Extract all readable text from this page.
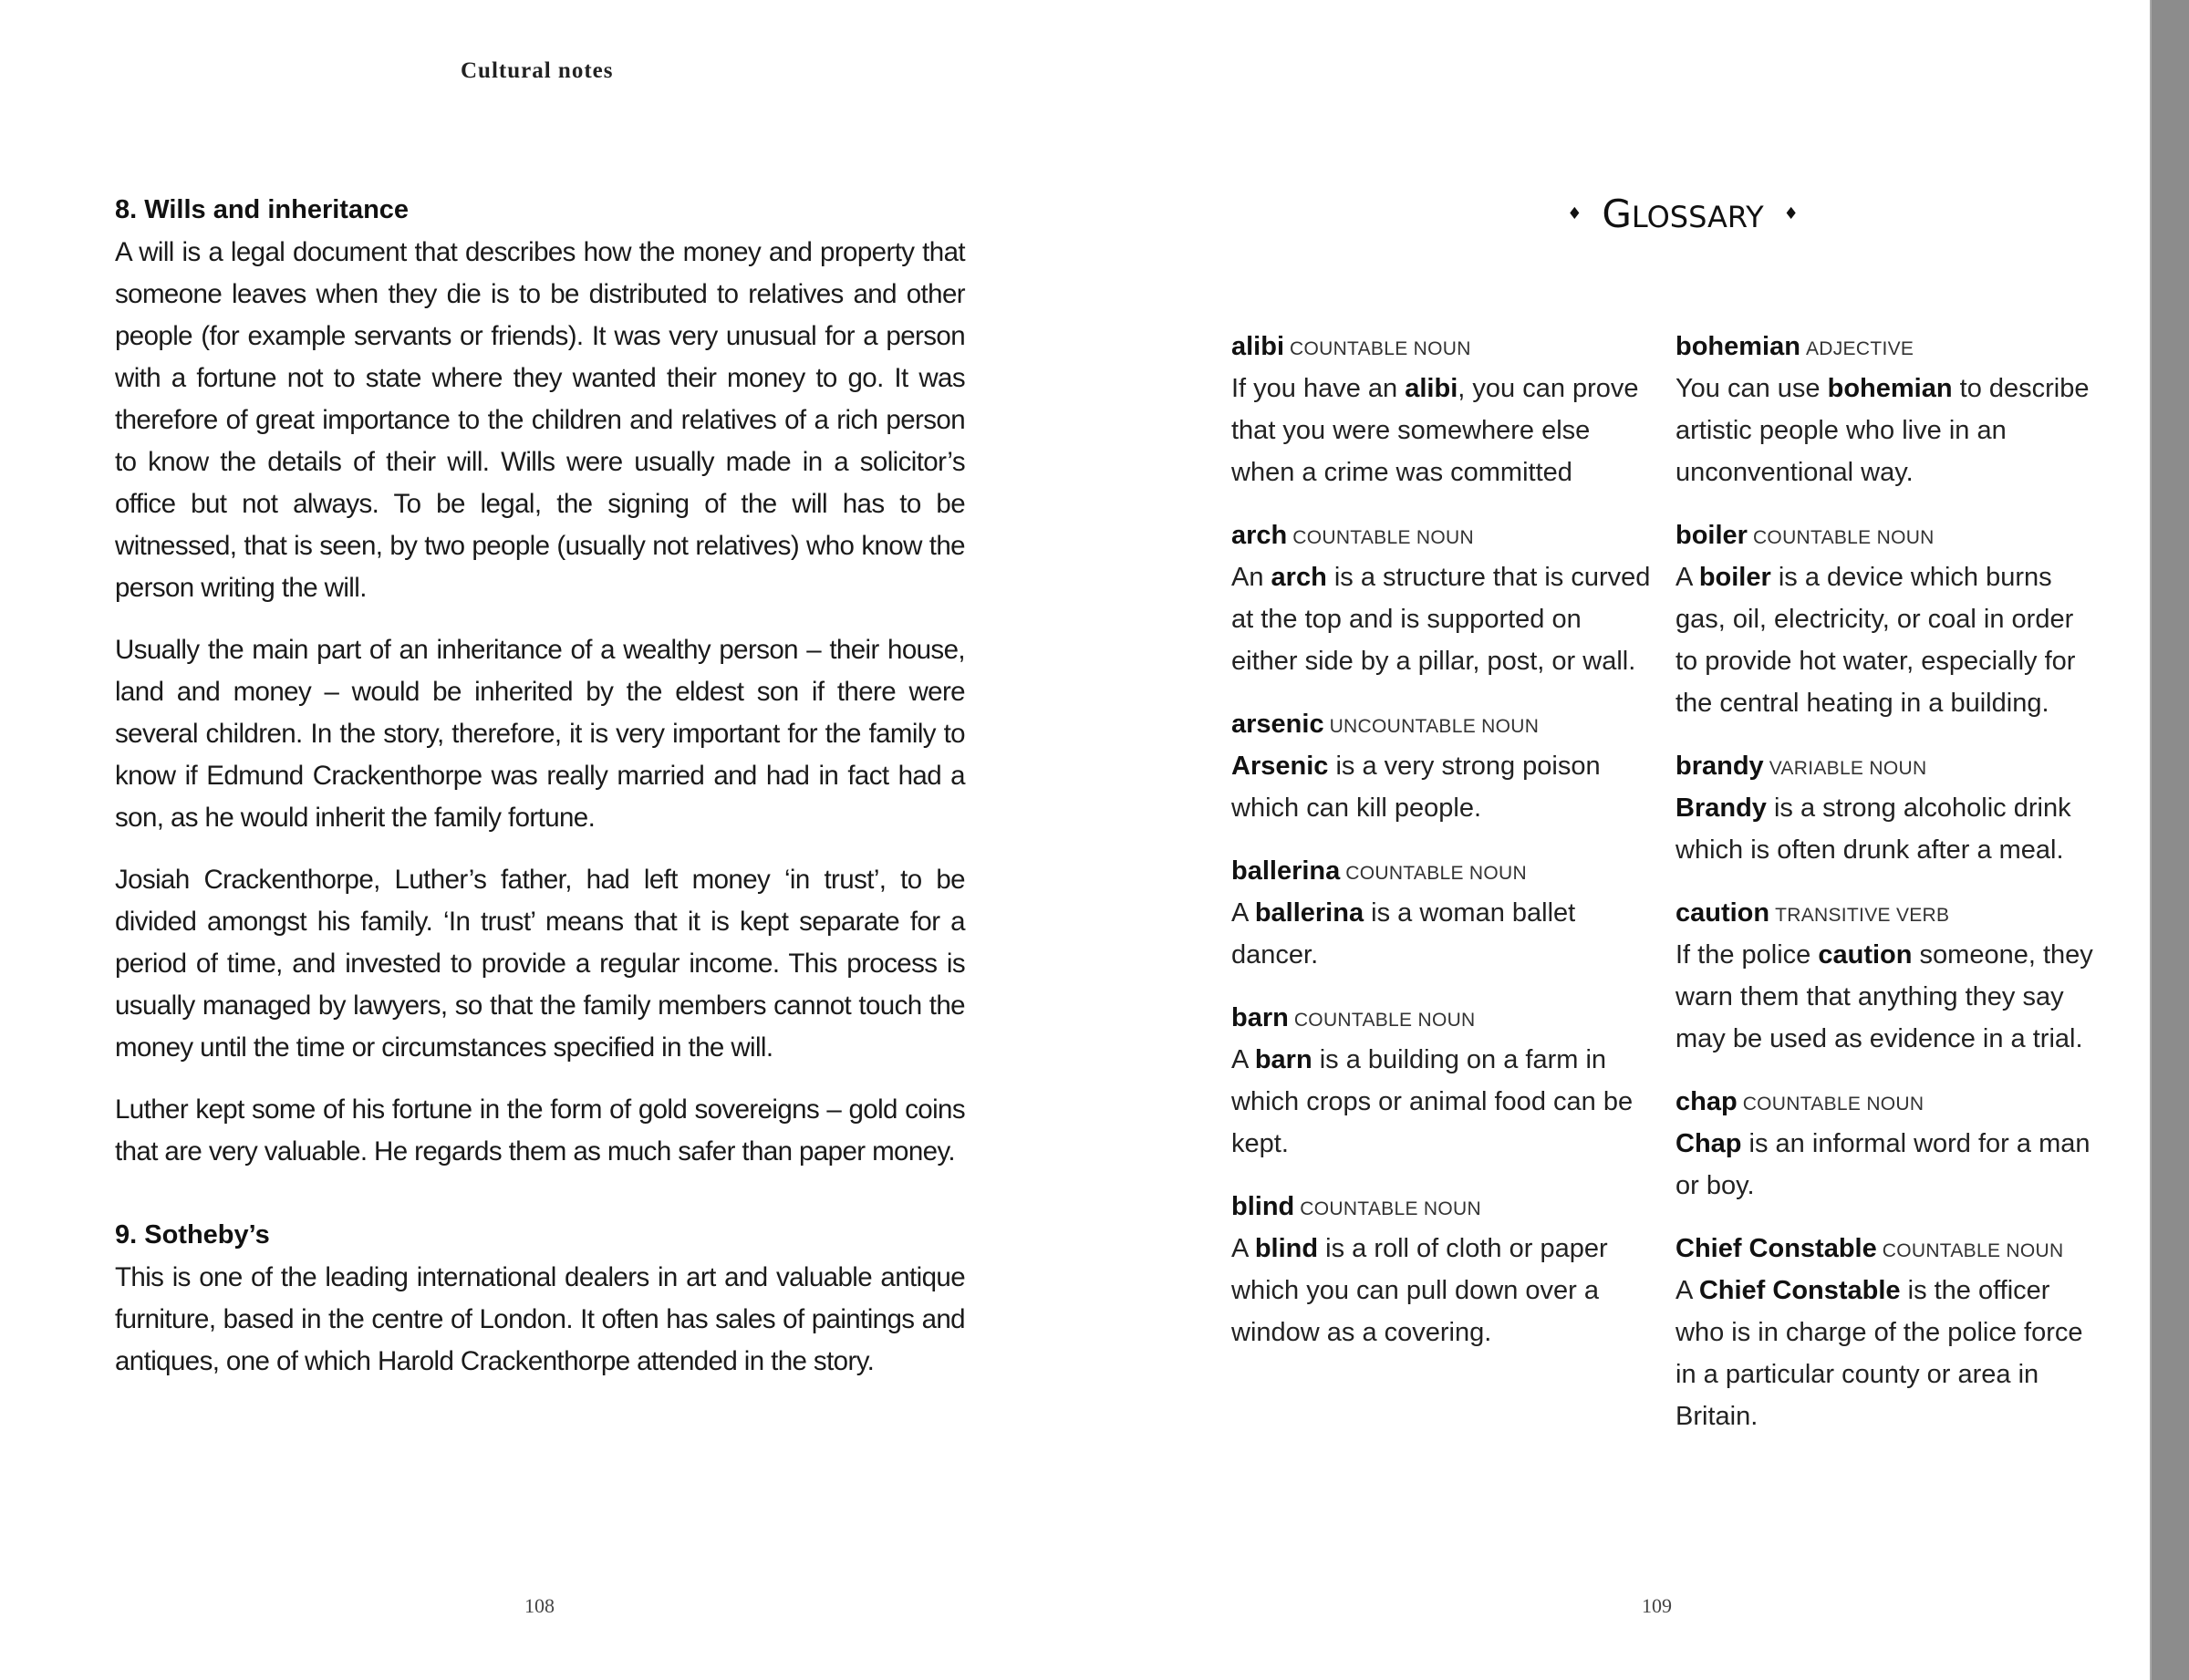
Cultural notes
8. Wills and inheritance

A will is a legal document that describes how the money and property that someone leaves when they die is to be distributed to relatives and other people (for example servants or friends). It was very unusual for a person with a fortune not to state where they wanted their money to go. It was therefore of great importance to the children and relatives of a rich person to know the details of their will. Wills were usually made in a solicitor’s office but not always. To be legal, the signing of the will has to be witnessed, that is seen, by two people (usually not relatives) who know the person writing the will.

Usually the main part of an inheritance of a wealthy person – their house, land and money – would be inherited by the eldest son if there were several children. In the story, therefore, it is very important for the family to know if Edmund Crackenthorpe was really married and had in fact had a son, as he would inherit the family fortune.

Josiah Crackenthorpe, Luther’s father, had left money ‘in trust’, to be divided amongst his family. ‘In trust’ means that it is kept separate for a period of time, and invested to provide a regular income. This process is usually managed by lawyers, so that the family members cannot touch the money until the time or circumstances specified in the will.

Luther kept some of his fortune in the form of gold sovereigns – gold coins that are very valuable. He regards them as much safer than paper money.

9. Sotheby’s

This is one of the leading international dealers in art and valuable antique furniture, based in the centre of London. It often has sales of paintings and antiques, one of which Harold Crackenthorpe attended in the story.

♦ GLOSSARY ♦
alibi COUNTABLE NOUN
If you have an alibi, you can prove that you were somewhere else when a crime was committed
arch COUNTABLE NOUN
An arch is a structure that is curved at the top and is supported on either side by a pillar, post, or wall.
arsenic UNCOUNTABLE NOUN
Arsenic is a very strong poison which can kill people.
ballerina COUNTABLE NOUN
A ballerina is a woman ballet dancer.
barn COUNTABLE NOUN
A barn is a building on a farm in which crops or animal food can be kept.
blind COUNTABLE NOUN
A blind is a roll of cloth or paper which you can pull down over a window as a covering.
bohemian ADJECTIVE
You can use bohemian to describe artistic people who live in an unconventional way.
boiler COUNTABLE NOUN
A boiler is a device which burns gas, oil, electricity, or coal in order to provide hot water, especially for the central heating in a building.
brandy VARIABLE NOUN
Brandy is a strong alcoholic drink which is often drunk after a meal.
caution TRANSITIVE VERB
If the police caution someone, they warn them that anything they say may be used as evidence in a trial.
chap COUNTABLE NOUN
Chap is an informal word for a man or boy.
Chief Constable COUNTABLE NOUN
A Chief Constable is the officer who is in charge of the police force in a particular county or area in Britain.
108	109
